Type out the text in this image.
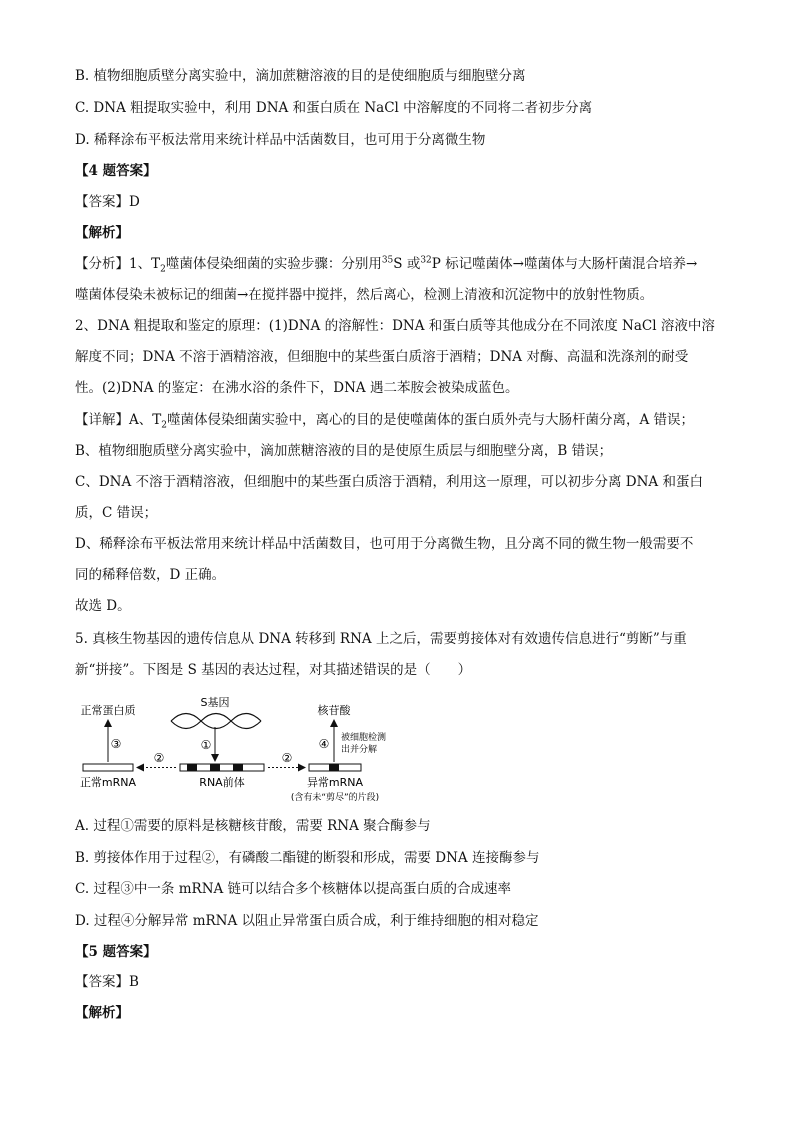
B. 植物细胞质壁分离实验中，滴加蔗糖溶液的目的是使细胞质与细胞壁分离
C. DNA 粗提取实验中，利用 DNA 和蛋白质在 NaCl 中溶解度的不同将二者初步分离
D. 稀释涂布平板法常用来统计样品中活菌数目，也可用于分离微生物
【4 题答案】
【答案】D
【解析】
【分析】1、$T_2$噬菌体侵染细菌的实验步骤：分别用$^{35}$S 或$^{32}$P 标记噬菌体→噬菌体与大肠杆菌混合培养→
噬菌体侵染未被标记的细菌→在搅拌器中搅拌，然后离心，检测上清液和沉淀物中的放射性物质。
2、DNA 粗提取和鉴定的原理：(1)DNA 的溶解性：DNA 和蛋白质等其他成分在不同浓度 NaCl 溶液中溶
解度不同；DNA 不溶于酒精溶液，但细胞中的某些蛋白质溶于酒精；DNA 对酶、高温和洗涤剂的耐受
性。(2)DNA 的鉴定：在沸水浴的条件下，DNA 遇二苯胺会被染成蓝色。
【详解】A、$T_2$噬菌体侵染细菌实验中，离心的目的是使噬菌体的蛋白质外壳与大肠杆菌分离，A 错误；
B、植物细胞质壁分离实验中，滴加蔗糖溶液的目的是使原生质层与细胞壁分离，B 错误；
C、DNA 不溶于酒精溶液，但细胞中的某些蛋白质溶于酒精，利用这一原理，可以初步分离 DNA 和蛋白
质，C 错误；
D、稀释涂布平板法常用来统计样品中活菌数目，也可用于分离微生物，且分离不同的微生物一般需要不
同的稀释倍数，D 正确。
故选 D。
5. 真核生物基因的遗传信息从 DNA 转移到 RNA 上之后，需要剪接体对有效遗传信息进行“剪断”与重
新“拼接”。下图是 S 基因的表达过程，对其描述错误的是（　　）
S基因
①
RNA前体
②
正常mRNA
③
正常蛋白质
②
异常mRNA
(含有未“剪尽”的片段)
④
核苷酸
被细胞检测
出并分解
A. 过程①需要的原料是核糖核苷酸，需要 RNA 聚合酶参与
B. 剪接体作用于过程②，有磷酸二酯键的断裂和形成，需要 DNA 连接酶参与
C. 过程③中一条 mRNA 链可以结合多个核糖体以提高蛋白质的合成速率
D. 过程④分解异常 mRNA 以阻止异常蛋白质合成，利于维持细胞的相对稳定
【5 题答案】
【答案】B
【解析】
